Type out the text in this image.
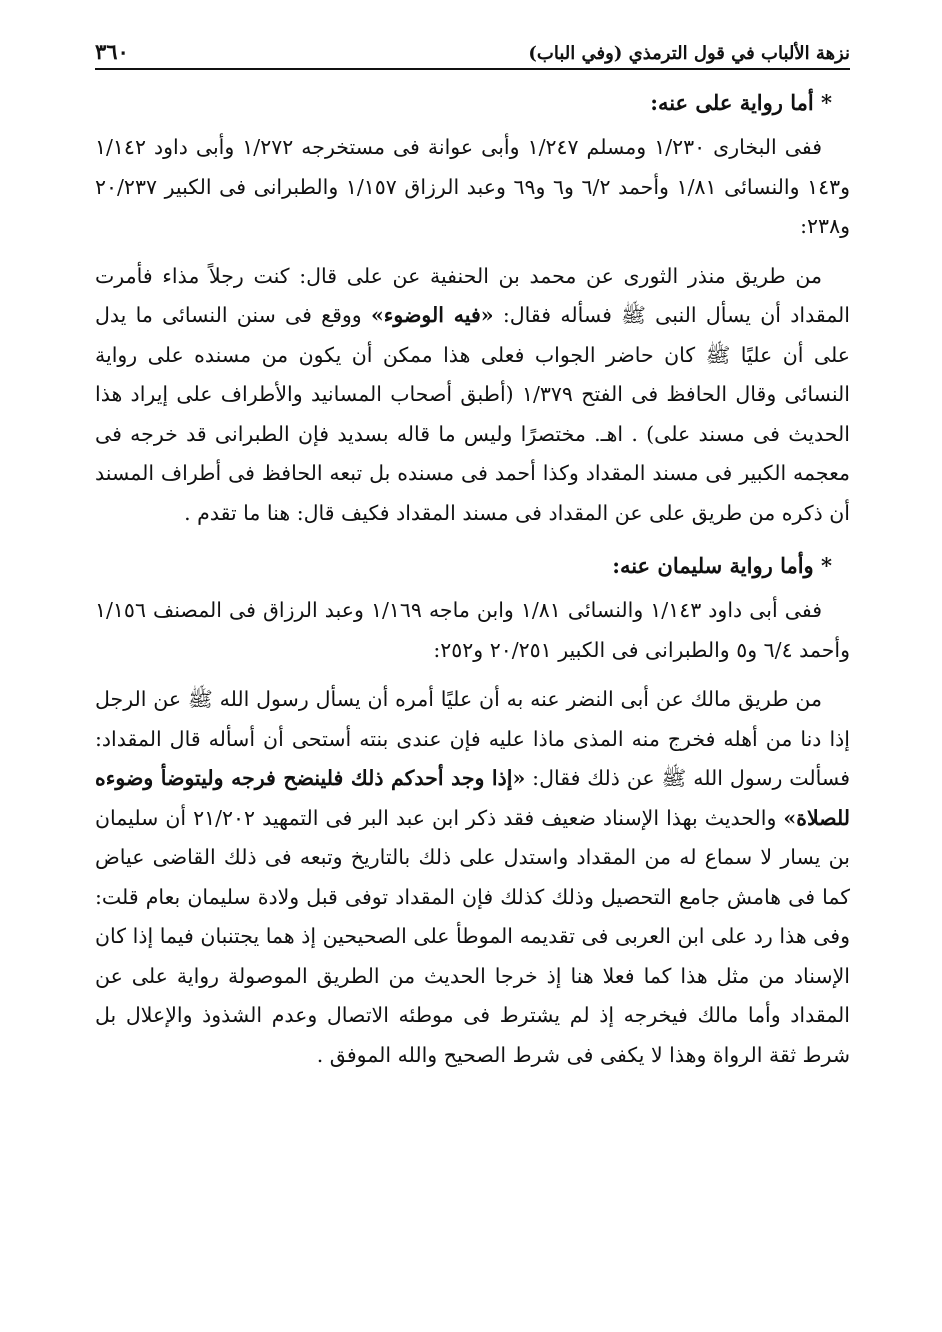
نزهة الألباب في قول الترمذي (وفي الباب)
٣٦٠
* أما رواية على عنه:

ففى البخارى ١/٢٣٠ ومسلم ١/٢٤٧ وأبى عوانة فى مستخرجه ١/٢٧٢ وأبى داود ١/١٤٢ و١٤٣ والنسائى ١/٨١ وأحمد ٦/٢ و٦ و٦٩ وعبد الرزاق ١/١٥٧ والطبرانى فى الكبير ٢٠/٢٣٧ و٢٣٨:

من طريق منذر الثورى عن محمد بن الحنفية عن على قال: كنت رجلاً مذاء فأمرت المقداد أن يسأل النبى ﷺ فسأله فقال: «فيه الوضوء» ووقع فى سنن النسائى ما يدل على أن عليًا ﷺ كان حاضر الجواب فعلى هذا ممكن أن يكون من مسنده على رواية النسائى وقال الحافظ فى الفتح ١/٣٧٩ (أطبق أصحاب المسانيد والأطراف على إيراد هذا الحديث فى مسند على) . اهـ. مختصرًا وليس ما قاله بسديد فإن الطبرانى قد خرجه فى معجمه الكبير فى مسند المقداد وكذا أحمد فى مسنده بل تبعه الحافظ فى أطراف المسند أن ذكره من طريق على عن المقداد فى مسند المقداد فكيف قال: هنا ما تقدم .

* وأما رواية سليمان عنه:

ففى أبى داود ١/١٤٣ والنسائى ١/٨١ وابن ماجه ١/١٦٩ وعبد الرزاق فى المصنف ١/١٥٦ وأحمد ٦/٤ و٥ والطبرانى فى الكبير ٢٠/٢٥١ و٢٥٢:

من طريق مالك عن أبى النضر عنه به أن عليًا أمره أن يسأل رسول الله ﷺ عن الرجل إذا دنا من أهله فخرج منه المذى ماذا عليه فإن عندى بنته أستحى أن أسأله قال المقداد: فسألت رسول الله ﷺ عن ذلك فقال: «إذا وجد أحدكم ذلك فلينضح فرجه وليتوضأ وضوءه للصلاة» والحديث بهذا الإسناد ضعيف فقد ذكر ابن عبد البر فى التمهيد ٢١/٢٠٢ أن سليمان بن يسار لا سماع له من المقداد واستدل على ذلك بالتاريخ وتبعه فى ذلك القاضى عياض كما فى هامش جامع التحصيل وذلك كذلك فإن المقداد توفى قبل ولادة سليمان بعام قلت: وفى هذا رد على ابن العربى فى تقديمه الموطأ على الصحيحين إذ هما يجتنبان فيما إذا كان الإسناد من مثل هذا كما فعلا هنا إذ خرجا الحديث من الطريق الموصولة رواية على عن المقداد وأما مالك فيخرجه إذ لم يشترط فى موطئه الاتصال وعدم الشذوذ والإعلال بل شرط ثقة الرواة وهذا لا يكفى فى شرط الصحيح والله الموفق .
